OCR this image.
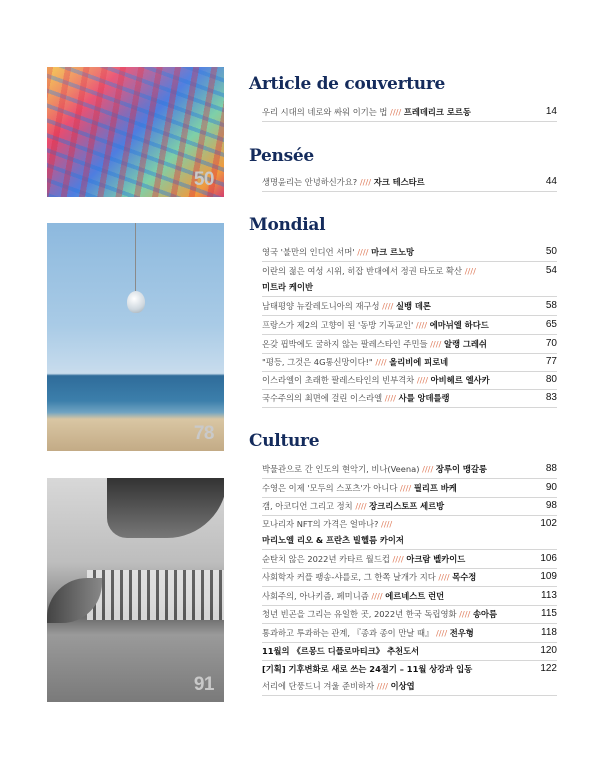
50
78
91
Article de couverture
Pensée
Mondial
Culture
우리 시대의 네로와 싸워 이기는 법 //// 프레데리크 로르동	14
생명윤리는 안녕하신가요? //// 자크 테스타르	44
영국 '불만의 인디언 서머' //// 마크 르노망	50
이란의 젊은 여성 시위, 히잡 반대에서 정권 타도로 확산 ////	54
미트라 케이반
남태평양 뉴칼레도니아의 재구성 //// 실뱅 데론	58
프랑스가 제2의 고향이 된 '동방 기독교인' //// 에마뉘엘 하다드	65
온갖 핍박에도 굴하지 않는 팔레스타인 주민들 //// 알랭 그레쉬	70
"평등, 그것은 4G통신망이다!" //// 올리비에 피로네	77
이스라엘이 초래한 팔레스타인의 빈부격차 //// 아비헤르 엘사카	80
국수주의의 최면에 걸린 이스라엘 //// 사를 앙데를랭	83
박물관으로 간 인도의 현악기, 비나(Veena) //// 장루이 맹갈롱	88
수영은 이제 '모두의 스포츠'가 아니다 //// 필리프 바케	90
갬, 아코디언 그리고 정치 //// 장크리스토프 세르방	98
모나리자 NFT의 가격은 얼마나? ////	102
마리노엘 리오 & 프란츠 빌헬름 카이저
순탄치 않은 2022년 카타르 월드컵 //// 아크람 벨카이드	106
사회학자 커플 팽송-샤를로, 그 한쪽 날개가 지다 //// 목수정	109
사회주의, 아나키즘, 페미니즘 //// 에르네스트 런던	113
청년 빈곤을 그리는 유일한 곳, 2022년 한국 독립영화 //// 송아름	115
통과하고 투과하는 관계, 『종과 종이 만날 때』 //// 전우형	118
11월의 《르몽드 디플로마티크》 추천도서	120
[기획] 기후변화로 새로 쓰는 24절기 – 11월 상강과 입동	122
서리에 단풍드니 겨울 준비하자 //// 이상엽
